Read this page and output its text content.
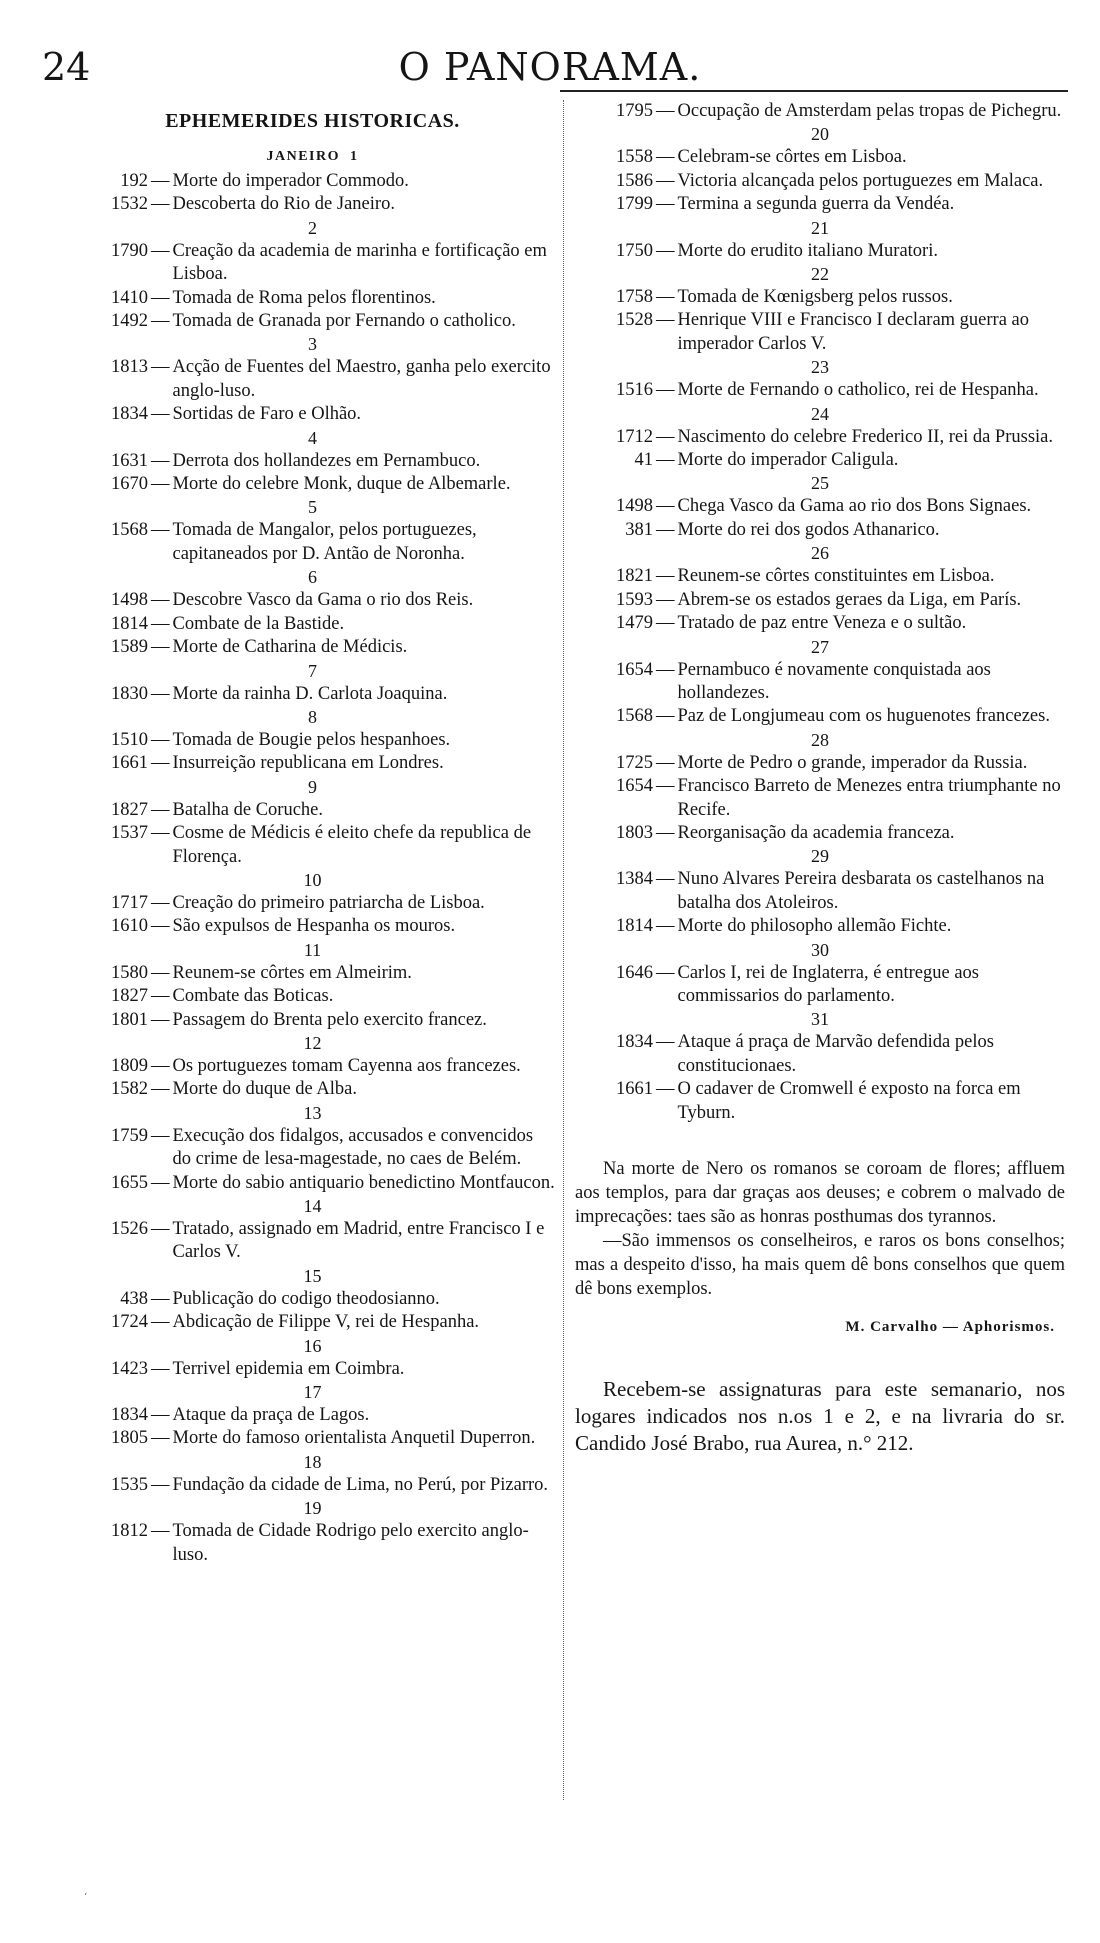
24	O PANORAMA.
EPHEMERIDES HISTORICAS.
JANEIRO  1
192 — Morte do imperador Commodo.
1532 — Descoberta do Rio de Janeiro.
2
1790 — Creação da academia de marinha e fortificação em Lisboa.
1410 — Tomada de Roma pelos florentinos.
1492 — Tomada de Granada por Fernando o catholico.
3
1813 — Acção de Fuentes del Maestro, ganha pelo exercito anglo-luso.
1834 — Sortidas de Faro e Olhão.
4
1631 — Derrota dos hollandezes em Pernambuco.
1670 — Morte do celebre Monk, duque de Albemarle.
5
1568 — Tomada de Mangalor, pelos portuguezes, capitaneados por D. Antão de Noronha.
6
1498 — Descobre Vasco da Gama o rio dos Reis.
1814 — Combate de la Bastide.
1589 — Morte de Catharina de Médicis.
7
1830 — Morte da rainha D. Carlota Joaquina.
8
1510 — Tomada de Bougie pelos hespanhoes.
1661 — Insurreição republicana em Londres.
9
1827 — Batalha de Coruche.
1537 — Cosme de Médicis é eleito chefe da republica de Florença.
10
1717 — Creação do primeiro patriarcha de Lisboa.
1610 — São expulsos de Hespanha os mouros.
11
1580 — Reunem-se côrtes em Almeirim.
1827 — Combate das Boticas.
1801 — Passagem do Brenta pelo exercito francez.
12
1809 — Os portuguezes tomam Cayenna aos francezes.
1582 — Morte do duque de Alba.
13
1759 — Execução dos fidalgos, accusados e convencidos do crime de lesa-magestade, no caes de Belém.
1655 — Morte do sabio antiquario benedictino Montfaucon.
14
1526 — Tratado, assignado em Madrid, entre Francisco I e Carlos V.
15
438 — Publicação do codigo theodosianno.
1724 — Abdicação de Filippe V, rei de Hespanha.
16
1423 — Terrivel epidemia em Coimbra.
17
1834 — Ataque da praça de Lagos.
1805 — Morte do famoso orientalista Anquetil Duperron.
18
1535 — Fundação da cidade de Lima, no Perú, por Pizarro.
19
1812 — Tomada de Cidade Rodrigo pelo exercito anglo-luso.
1795 — Occupação de Amsterdam pelas tropas de Pichegru.
20
1558 — Celebram-se côrtes em Lisboa.
1586 — Victoria alcançada pelos portuguezes em Malaca.
1799 — Termina a segunda guerra da Vendéa.
21
1750 — Morte do erudito italiano Muratori.
22
1758 — Tomada de Kœnigsberg pelos russos.
1528 — Henrique VIII e Francisco I declaram guerra ao imperador Carlos V.
23
1516 — Morte de Fernando o catholico, rei de Hespanha.
24
1712 — Nascimento do celebre Frederico II, rei da Prussia.
41 — Morte do imperador Caligula.
25
1498 — Chega Vasco da Gama ao rio dos Bons Signaes.
381 — Morte do rei dos godos Athanarico.
26
1821 — Reunem-se côrtes constituintes em Lisboa.
1593 — Abrem-se os estados geraes da Liga, em París.
1479 — Tratado de paz entre Veneza e o sultão.
27
1654 — Pernambuco é novamente conquistada aos hollandezes.
1568 — Paz de Longjumeau com os huguenotes francezes.
28
1725 — Morte de Pedro o grande, imperador da Russia.
1654 — Francisco Barreto de Menezes entra triumphante no Recife.
1803 — Reorganisação da academia franceza.
29
1384 — Nuno Alvares Pereira desbarata os castelhanos na batalha dos Atoleiros.
1814 — Morte do philosopho allemão Fichte.
30
1646 — Carlos I, rei de Inglaterra, é entregue aos commissarios do parlamento.
31
1834 — Ataque á praça de Marvão defendida pelos constitucionaes.
1661 — O cadaver de Cromwell é exposto na forca em Tyburn.
Na morte de Nero os romanos se coroam de flores; affluem aos templos, para dar graças aos deuses; e cobrem o malvado de imprecações: taes são as honras posthumas dos tyrannos.
—São immensos os conselheiros, e raros os bons conselhos; mas a despeito d'isso, ha mais quem dê bons conselhos que quem dê bons exemplos.
M. Carvalho — Aphorismos.
Recebem-se assignaturas para este semanario, nos logares indicados nos n.os 1 e 2, e na livraria do sr. Candido José Brabo, rua Aurea, n.° 212.
ʻ
